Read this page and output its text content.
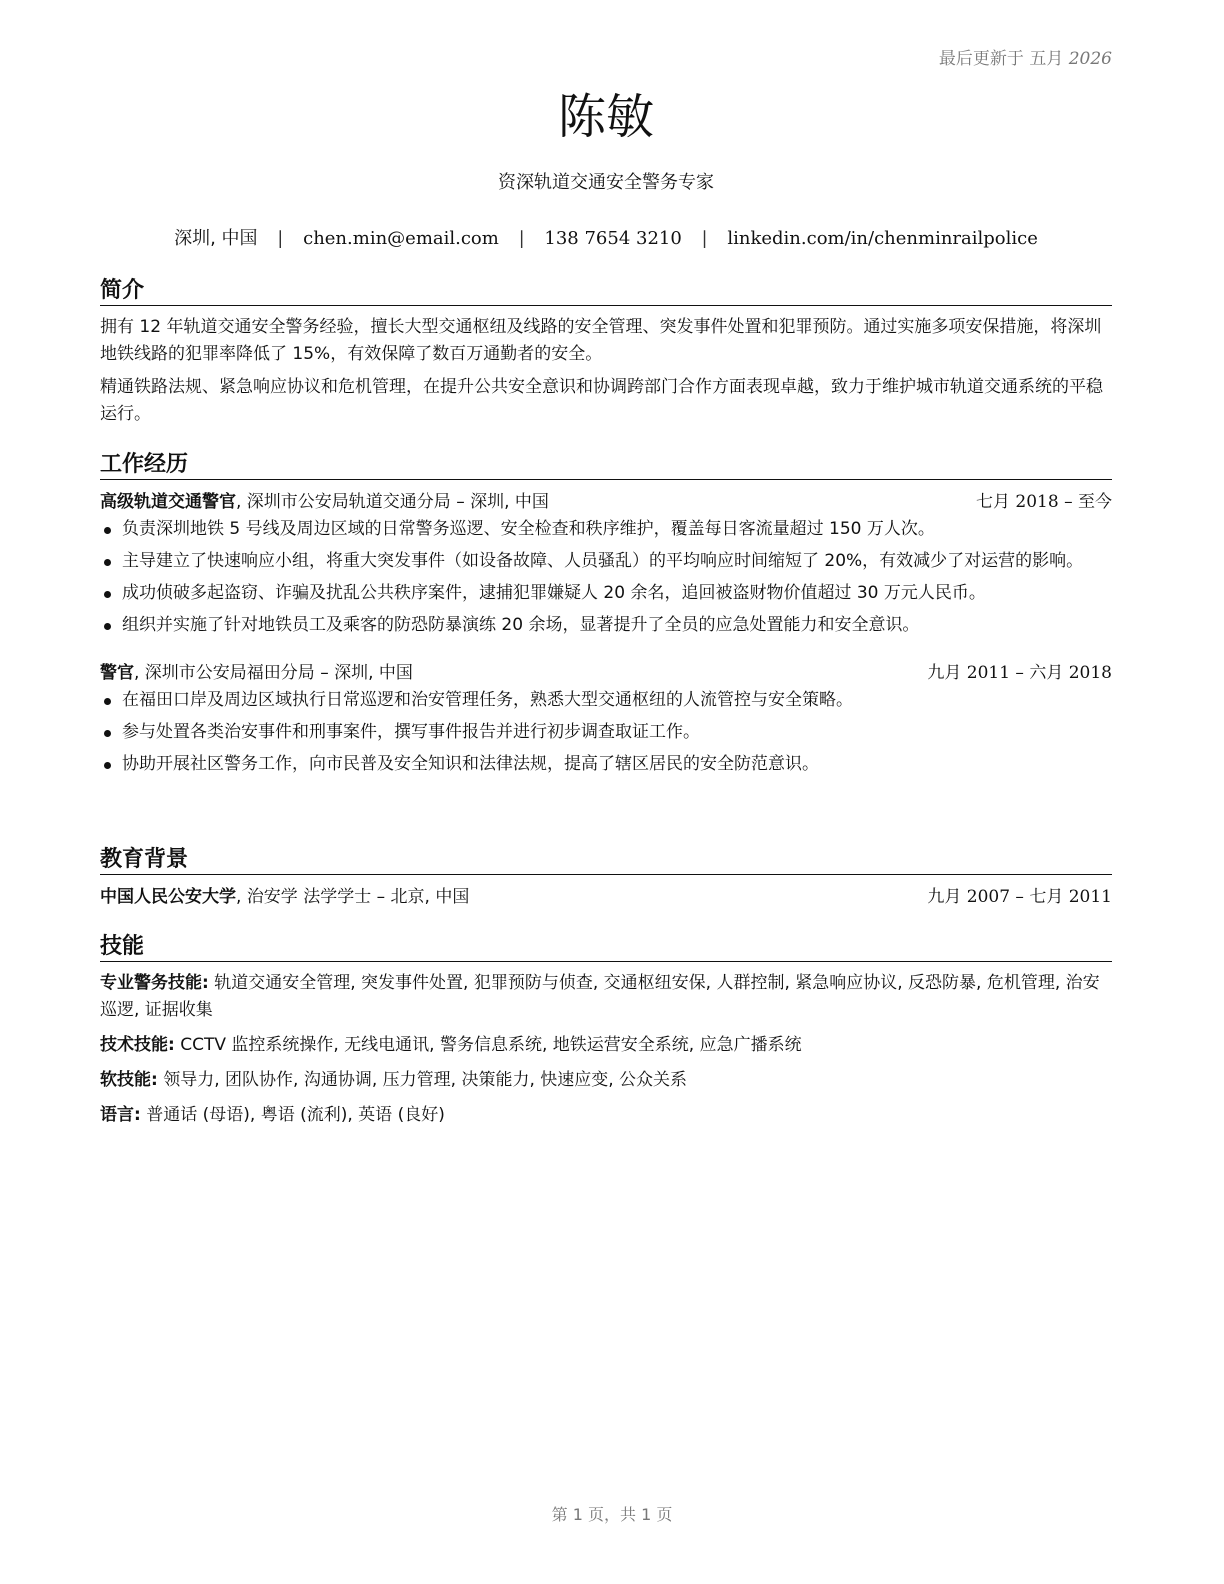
最后更新于 五月 2026
陈敏
资深轨道交通安全警务专家
深圳, 中国 | chen.min@email.com | 138 7654 3210 | linkedin.com/in/chenminrailpolice
简介

拥有 12 年轨道交通安全警务经验，擅长大型交通枢纽及线路的安全管理、突发事件处置和犯罪预防。通过实施多项安保措施，将深圳地铁线路的犯罪率降低了 15%，有效保障了数百万通勤者的安全。

精通铁路法规、紧急响应协议和危机管理，在提升公共安全意识和协调跨部门合作方面表现卓越，致力于维护城市轨道交通系统的平稳运行。

工作经历
高级轨道交通警官, 深圳市公安局轨道交通分局 – 深圳, 中国	七月 2018 – 至今
负责深圳地铁 5 号线及周边区域的日常警务巡逻、安全检查和秩序维护，覆盖每日客流量超过 150 万人次。
主导建立了快速响应小组，将重大突发事件（如设备故障、人员骚乱）的平均响应时间缩短了 20%，有效减少了对运营的影响。
成功侦破多起盗窃、诈骗及扰乱公共秩序案件，逮捕犯罪嫌疑人 20 余名，追回被盗财物价值超过 30 万元人民币。
组织并实施了针对地铁员工及乘客的防恐防暴演练 20 余场，显著提升了全员的应急处置能力和安全意识。
警官, 深圳市公安局福田分局 – 深圳, 中国	九月 2011 – 六月 2018
在福田口岸及周边区域执行日常巡逻和治安管理任务，熟悉大型交通枢纽的人流管控与安全策略。
参与处置各类治安事件和刑事案件，撰写事件报告并进行初步调查取证工作。
协助开展社区警务工作，向市民普及安全知识和法律法规，提高了辖区居民的安全防范意识。
教育背景
中国人民公安大学, 治安学 法学学士 – 北京, 中国	九月 2007 – 七月 2011
技能

专业警务技能: 轨道交通安全管理, 突发事件处置, 犯罪预防与侦查, 交通枢纽安保, 人群控制, 紧急响应协议, 反恐防暴, 危机管理, 治安巡逻, 证据收集

技术技能: CCTV 监控系统操作, 无线电通讯, 警务信息系统, 地铁运营安全系统, 应急广播系统

软技能: 领导力, 团队协作, 沟通协调, 压力管理, 决策能力, 快速应变, 公众关系

语言: 普通话 (母语), 粤语 (流利), 英语 (良好)

第 1 页，共 1 页
